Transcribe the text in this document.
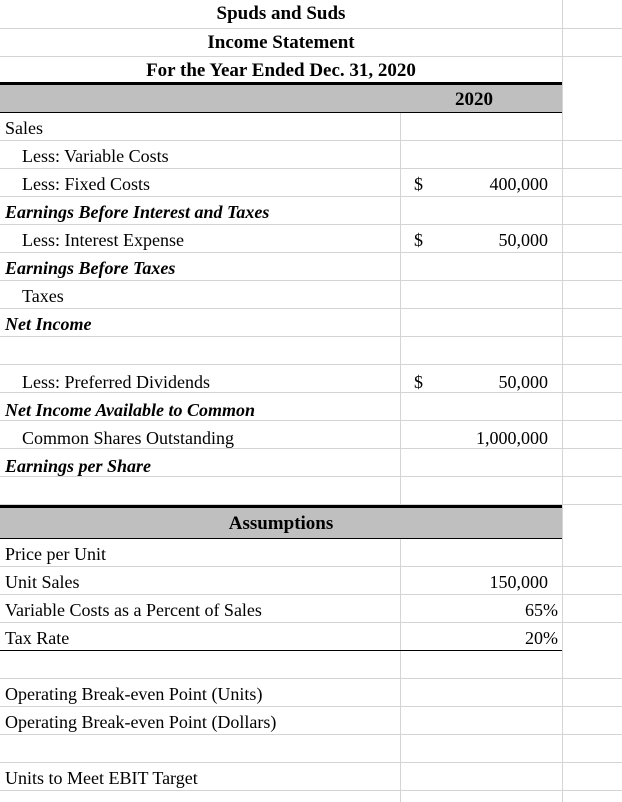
Spuds and Suds
Income Statement
For the Year Ended Dec. 31, 2020
2020
Sales
Less: Variable Costs
Less: Fixed Costs	$	400,000
Earnings Before Interest and Taxes
Less: Interest Expense	$	50,000
Earnings Before Taxes
Taxes
Net Income
Less: Preferred Dividends	$	50,000
Net Income Available to Common
Common Shares Outstanding	1,000,000
Earnings per Share
Assumptions
Price per Unit
Unit Sales	150,000
Variable Costs as a Percent of Sales	65%
Tax Rate	20%
Operating Break-even Point (Units)
Operating Break-even Point (Dollars)
Units to Meet EBIT Target
